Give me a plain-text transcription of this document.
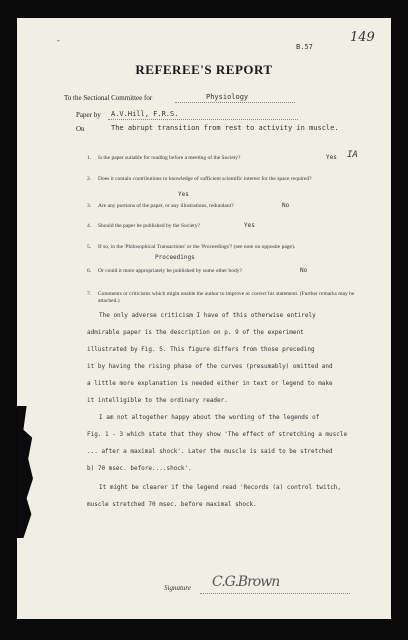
-
B.57
149
REFEREE'S REPORT
To the Sectional Committee for	Physiology
Paper by A.V.Hill, F.R.S.
On	The abrupt transition from rest to activity in muscle.
1. Is the paper suitable for reading before a meeting of the Society?	Yes IA
2. Does it contain contributions to knowledge of sufficient scientific interest for the space required?
Yes
3. Are any portions of the paper, or any illustrations, redundant?	No
4. Should the paper be published by the Society?	Yes
5. If so, in the 'Philosophical Transactions' or the 'Proceedings'? (see note on opposite page).
Proceedings
6. Or could it more appropriately be published by some other body?	No
7. Comments or criticisms which might enable the author to improve or correct his statement. (Further remarks may be attached.)
The only adverse criticism I have of this otherwise entirely
admirable paper is the description on p. 9 of the experiment
illustrated by Fig. 5. This figure differs from those preceding
it by having the rising phase of the curves (presumably) omitted and
a little more explanation is needed either in text or legend to make
it intelligible to the ordinary reader.
I am not altogether happy about the wording of the legends of
Fig. 1 - 3 which state that they show 'The effect of stretching a muscle
... after a maximal shock'. Later the muscle is said to be stretched
b) 70 msec. before....shock'.
It might be clearer if the legend read 'Records (a) control twitch,
muscle stretched 70 msec. before maximal shock.
Signature C.G.Brown
